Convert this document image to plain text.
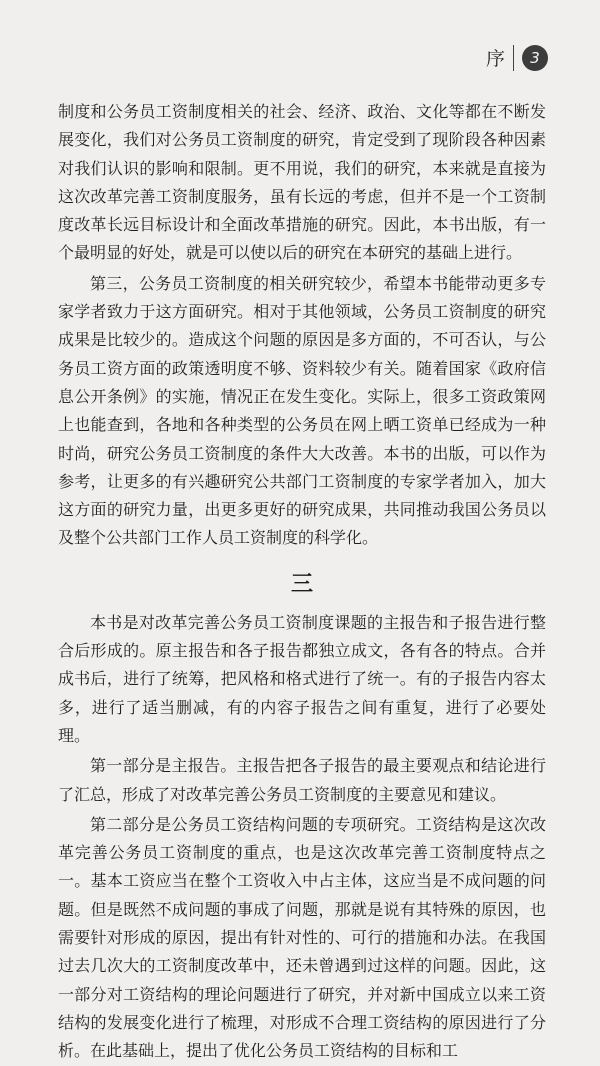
序	3

制度和公务员工资制度相关的社会、经济、政治、文化等都在不断发展变化，我们对公务员工资制度的研究，肯定受到了现阶段各种因素对我们认识的影响和限制。更不用说，我们的研究，本来就是直接为这次改革完善工资制度服务，虽有长远的考虑，但并不是一个工资制度改革长远目标设计和全面改革措施的研究。因此，本书出版，有一个最明显的好处，就是可以使以后的研究在本研究的基础上进行。

第三，公务员工资制度的相关研究较少，希望本书能带动更多专家学者致力于这方面研究。相对于其他领域，公务员工资制度的研究成果是比较少的。造成这个问题的原因是多方面的，不可否认，与公务员工资方面的政策透明度不够、资料较少有关。随着国家《政府信息公开条例》的实施，情况正在发生变化。实际上，很多工资政策网上也能查到，各地和各种类型的公务员在网上晒工资单已经成为一种时尚，研究公务员工资制度的条件大大改善。本书的出版，可以作为参考，让更多的有兴趣研究公共部门工资制度的专家学者加入，加大这方面的研究力量，出更多更好的研究成果，共同推动我国公务员以及整个公共部门工作人员工资制度的科学化。

三

本书是对改革完善公务员工资制度课题的主报告和子报告进行整合后形成的。原主报告和各子报告都独立成文，各有各的特点。合并成书后，进行了统筹，把风格和格式进行了统一。有的子报告内容太多，进行了适当删减，有的内容子报告之间有重复，进行了必要处理。

第一部分是主报告。主报告把各子报告的最主要观点和结论进行了汇总，形成了对改革完善公务员工资制度的主要意见和建议。

第二部分是公务员工资结构问题的专项研究。工资结构是这次改革完善公务员工资制度的重点，也是这次改革完善工资制度特点之一。基本工资应当在整个工资收入中占主体，这应当是不成问题的问题。但是既然不成问题的事成了问题，那就是说有其特殊的原因，也需要针对形成的原因，提出有针对性的、可行的措施和办法。在我国过去几次大的工资制度改革中，还未曾遇到过这样的问题。因此，这一部分对工资结构的理论问题进行了研究，并对新中国成立以来工资结构的发展变化进行了梳理，对形成不合理工资结构的原因进行了分析。在此基础上，提出了优化公务员工资结构的目标和工
